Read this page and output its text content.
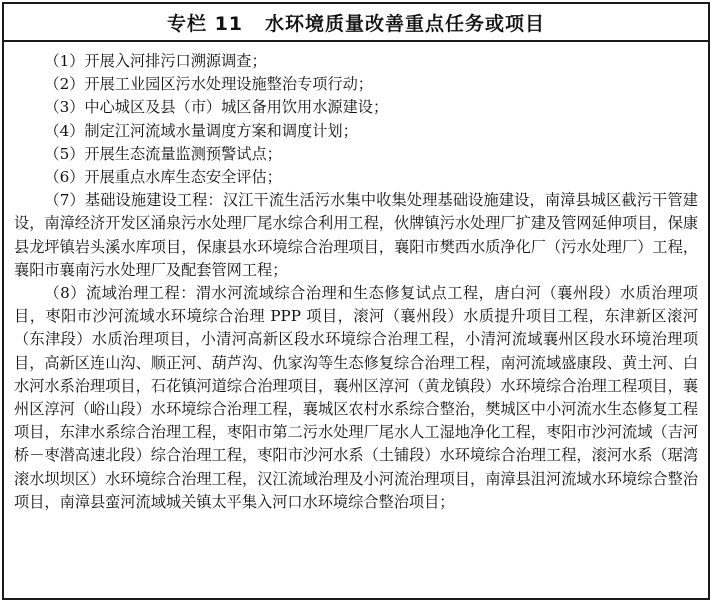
专栏 11 水环境质量改善重点任务或项目

（1）开展入河排污口溯源调查；

（2）开展工业园区污水处理设施整治专项行动；

（3）中心城区及县（市）城区备用饮用水源建设；

（4）制定江河流域水量调度方案和调度计划；

（5）开展生态流量监测预警试点；

（6）开展重点水库生态安全评估；

（7）基础设施建设工程：汉江干流生活污水集中收集处理基础设施建设，南漳县城区截污干管建设，南漳经济开发区涌泉污水处理厂尾水综合利用工程，伙牌镇污水处理厂扩建及管网延伸项目，保康县龙坪镇岩头溪水库项目，保康县水环境综合治理项目，襄阳市樊西水质净化厂（污水处理厂）工程，襄阳市襄南污水处理厂及配套管网工程；

（8）流域治理工程：渭水河流域综合治理和生态修复试点工程，唐白河（襄州段）水质治理项目，枣阳市沙河流域水环境综合治理 PPP 项目，滚河（襄州段）水质提升项目工程，东津新区滚河（东津段）水质治理项目，小清河高新区段水环境综合治理工程，小清河流域襄州区段水环境治理项目，高新区连山沟、顺正河、葫芦沟、仇家沟等生态修复综合治理工程，南河流域盛康段、黄土河、白水河水系治理项目，石花镇河道综合治理项目，襄州区淳河（黄龙镇段）水环境综合治理工程项目，襄州区淳河（峪山段）水环境综合治理工程，襄城区农村水系综合整治，樊城区中小河流水生态修复工程项目，东津水系综合治理工程，枣阳市第二污水处理厂尾水人工湿地净化工程，枣阳市沙河流域（吉河桥－枣潜高速北段）综合治理工程，枣阳市沙河水系（土铺段）水环境综合治理工程，滚河水系（琚湾滚水坝坝区）水环境综合治理工程，汉江流域治理及小河流治理项目，南漳县沮河流域水环境综合整治项目，南漳县蛮河流域城关镇太平集入河口水环境综合整治项目；
